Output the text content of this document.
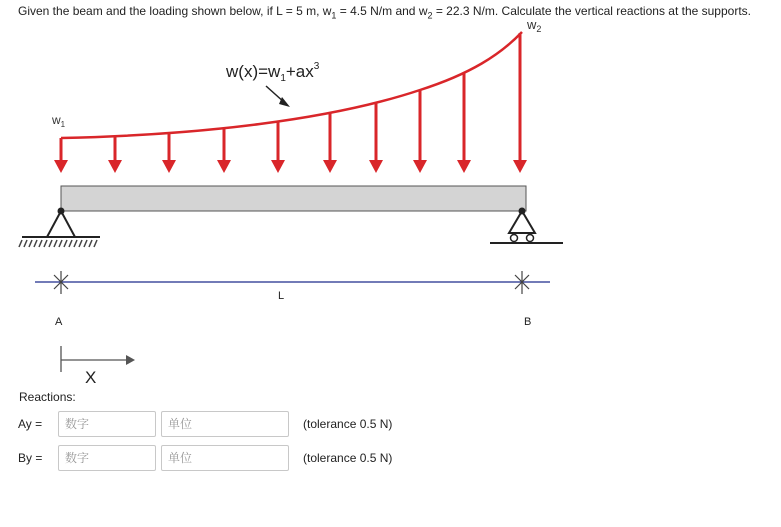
Given the beam and the loading shown below, if L = 5 m, $w_1 = 4.5$ N/m and $w_2 = 22.3$ N/m. Calculate the vertical reactions at the supports.
$w_2$
$w_1$
$w(x)=w_1+ax^3$
L
A	B
X
Reactions:
Ay =
数字
单位	(tolerance 0.5 N)
By =
数字
单位	(tolerance 0.5 N)
